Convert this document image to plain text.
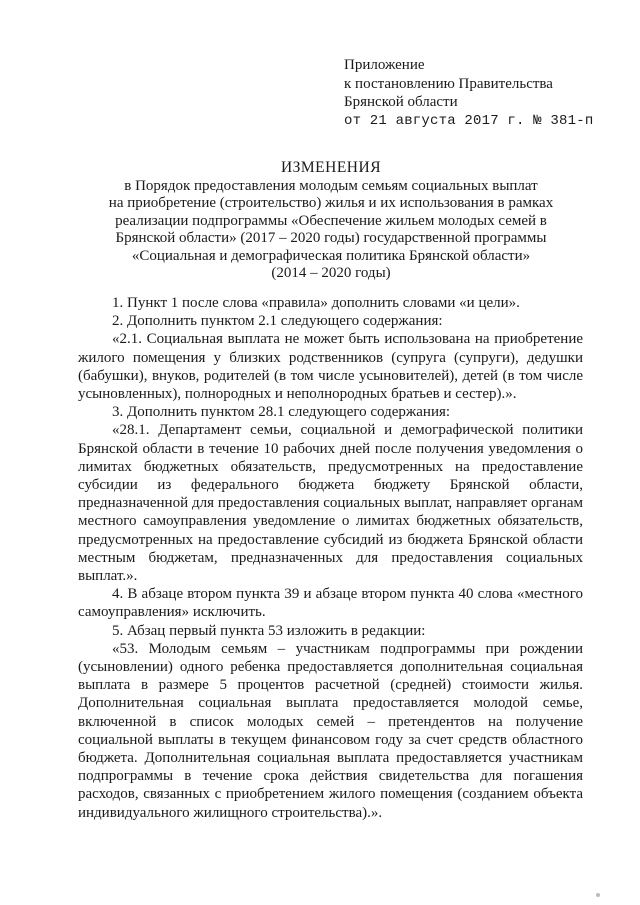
Приложение
к постановлению Правительства
Брянской области
от 21 августа 2017 г. № 381-п
ИЗМЕНЕНИЯ
в Порядок предоставления молодым семьям социальных выплат
на приобретение (строительство) жилья и их использования в рамках
реализации подпрограммы «Обеспечение жильем молодых семей в
Брянской области» (2017 – 2020 годы) государственной программы
«Социальная и демографическая политика Брянской области»
(2014 – 2020 годы)
1. Пункт 1 после слова «правила» дополнить словами «и цели».
2. Дополнить пунктом 2.1 следующего содержания:
«2.1. Социальная выплата не может быть использована на приобретение жилого помещения у близких родственников (супруга (супруги), дедушки (бабушки), внуков, родителей (в том числе усыновителей), детей (в том числе усыновленных), полнородных и неполнородных братьев и сестер).».
3. Дополнить пунктом 28.1 следующего содержания:
«28.1. Департамент семьи, социальной и демографической политики Брянской области в течение 10 рабочих дней после получения уведомления о лимитах бюджетных обязательств, предусмотренных на предоставление субсидии из федерального бюджета бюджету Брянской области, предназначенной для предоставления социальных выплат, направляет органам местного самоуправления уведомление о лимитах бюджетных обязательств, предусмотренных на предоставление субсидий из бюджета Брянской области местным бюджетам, предназначенных для предоставления социальных выплат.».
4. В абзаце втором пункта 39 и абзаце втором пункта 40 слова «местного самоуправления» исключить.
5. Абзац первый пункта 53 изложить в редакции:
«53. Молодым семьям – участникам подпрограммы при рождении (усыновлении) одного ребенка предоставляется дополнительная социальная выплата в размере 5 процентов расчетной (средней) стоимости жилья. Дополнительная социальная выплата предоставляется молодой семье, включенной в список молодых семей – претендентов на получение социальной выплаты в текущем финансовом году за счет средств областного бюджета. Дополнительная социальная выплата предоставляется участникам подпрограммы в течение срока действия свидетельства для погашения расходов, связанных с приобретением жилого помещения (созданием объекта индивидуального жилищного строительства).».
